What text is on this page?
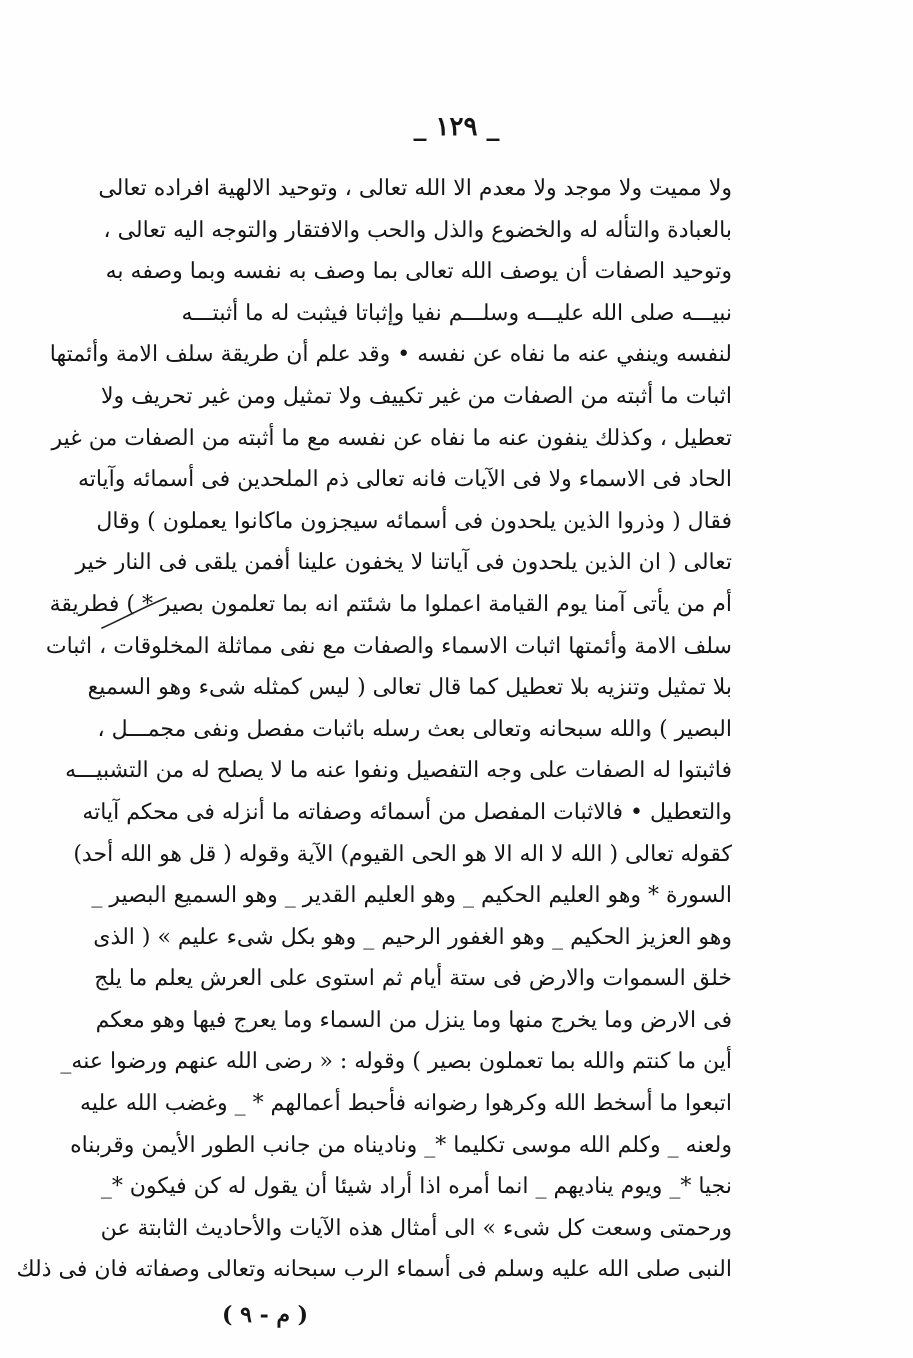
_ ١٢٩ _
ولا مميت ولا موجد ولا معدم الا الله تعالى ، وتوحيد الالهية افراده تعالى
بالعبادة والتأله له والخضوع والذل والحب والافتقار والتوجه اليه تعالى ،
وتوحيد الصفات أن يوصف الله تعالى بما وصف به نفسه وبما وصفه به
نبيـــه صلى الله عليـــه وسلـــم نفيا وإثباتا فيثبت له ما أثبتـــه
لنفسه وينفي عنه ما نفاه عن نفسه • وقد علم أن طريقة سلف الامة وأئمتها
اثبات ما أثبته من الصفات من غير تكييف ولا تمثيل ومن غير تحريف ولا
تعطيل ، وكذلك ينفون عنه ما نفاه عن نفسه مع ما أثبته من الصفات من غير
الحاد فى الاسماء ولا فى الآيات فانه تعالى ذم الملحدين فى أسمائه وآياته
فقال ( وذروا الذين يلحدون فى أسمائه سيجزون ماكانوا يعملون ) وقال
تعالى ( ان الذين يلحدون فى آياتنا لا يخفون علينا أفمن يلقى فى النار خير
أم من يأتى آمنا يوم القيامة اعملوا ما شئتم انه بما تعلمون بصير * ) فطريقة
سلف الامة وأئمتها اثبات الاسماء والصفات مع نفى مماثلة المخلوقات ، اثبات
بلا تمثيل وتنزيه بلا تعطيل كما قال تعالى ( ليس كمثله شىء وهو السميع
البصير ) والله سبحانه وتعالى بعث رسله باثبات مفصل ونفى مجمـــل ،
فاثبتوا له الصفات على وجه التفصيل ونفوا عنه ما لا يصلح له من التشبيـــه
والتعطيل • فالاثبات المفصل من أسمائه وصفاته ما أنزله فى محكم آياته
كقوله تعالى ( الله لا اله الا هو الحى القيوم) الآية وقوله ( قل هو الله أحد)
السورة * وهو العليم الحكيم _ وهو العليم القدير _ وهو السميع البصير _
وهو العزيز الحكيم _ وهو الغفور الرحيم _ وهو بكل شىء عليم » ( الذى
خلق السموات والارض فى ستة أيام ثم استوى على العرش يعلم ما يلج
فى الارض وما يخرج منها وما ينزل من السماء وما يعرج فيها وهو معكم
أين ما كنتم والله بما تعملون بصير ) وقوله : « رضى الله عنهم ورضوا عنه_
اتبعوا ما أسخط الله وكرهوا رضوانه فأحبط أعمالهم * _ وغضب الله عليه
ولعنه _ وكلم الله موسى تكليما *_ وناديناه من جانب الطور الأيمن وقربناه
نجيا *_ ويوم يناديهم _ انما أمره اذا أراد شيئا أن يقول له كن فيكون *_
ورحمتى وسعت كل شىء » الى أمثال هذه الآيات والأحاديث الثابتة عن
النبى صلى الله عليه وسلم فى أسماء الرب سبحانه وتعالى وصفاته فان فى ذلك
( م - ٩ )
